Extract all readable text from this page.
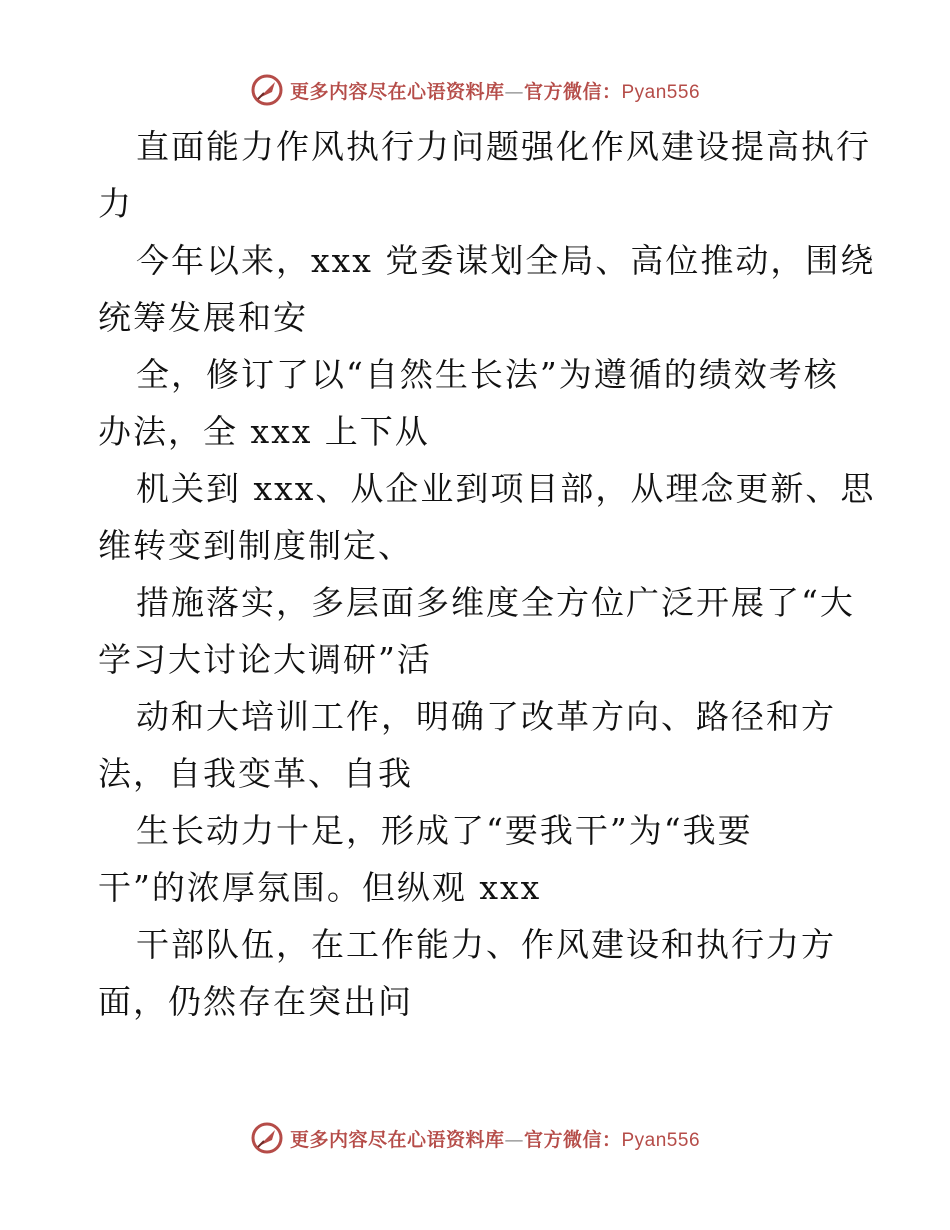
更多内容尽在心语资料库—官方微信：Pyan556
直面能力作风执行力问题强化作风建设提高执行
力
今年以来，xxx 党委谋划全局、高位推动，围绕
统筹发展和安
全，修订了以“自然生长法”为遵循的绩效考核
办法，全 xxx 上下从
机关到 xxx、从企业到项目部，从理念更新、思
维转变到制度制定、
措施落实，多层面多维度全方位广泛开展了“大
学习大讨论大调研”活
动和大培训工作，明确了改革方向、路径和方
法，自我变革、自我
生长动力十足，形成了“要我干”为“我要
干”的浓厚氛围。但纵观 xxx
干部队伍，在工作能力、作风建设和执行力方
面，仍然存在突出问
更多内容尽在心语资料库—官方微信：Pyan556
